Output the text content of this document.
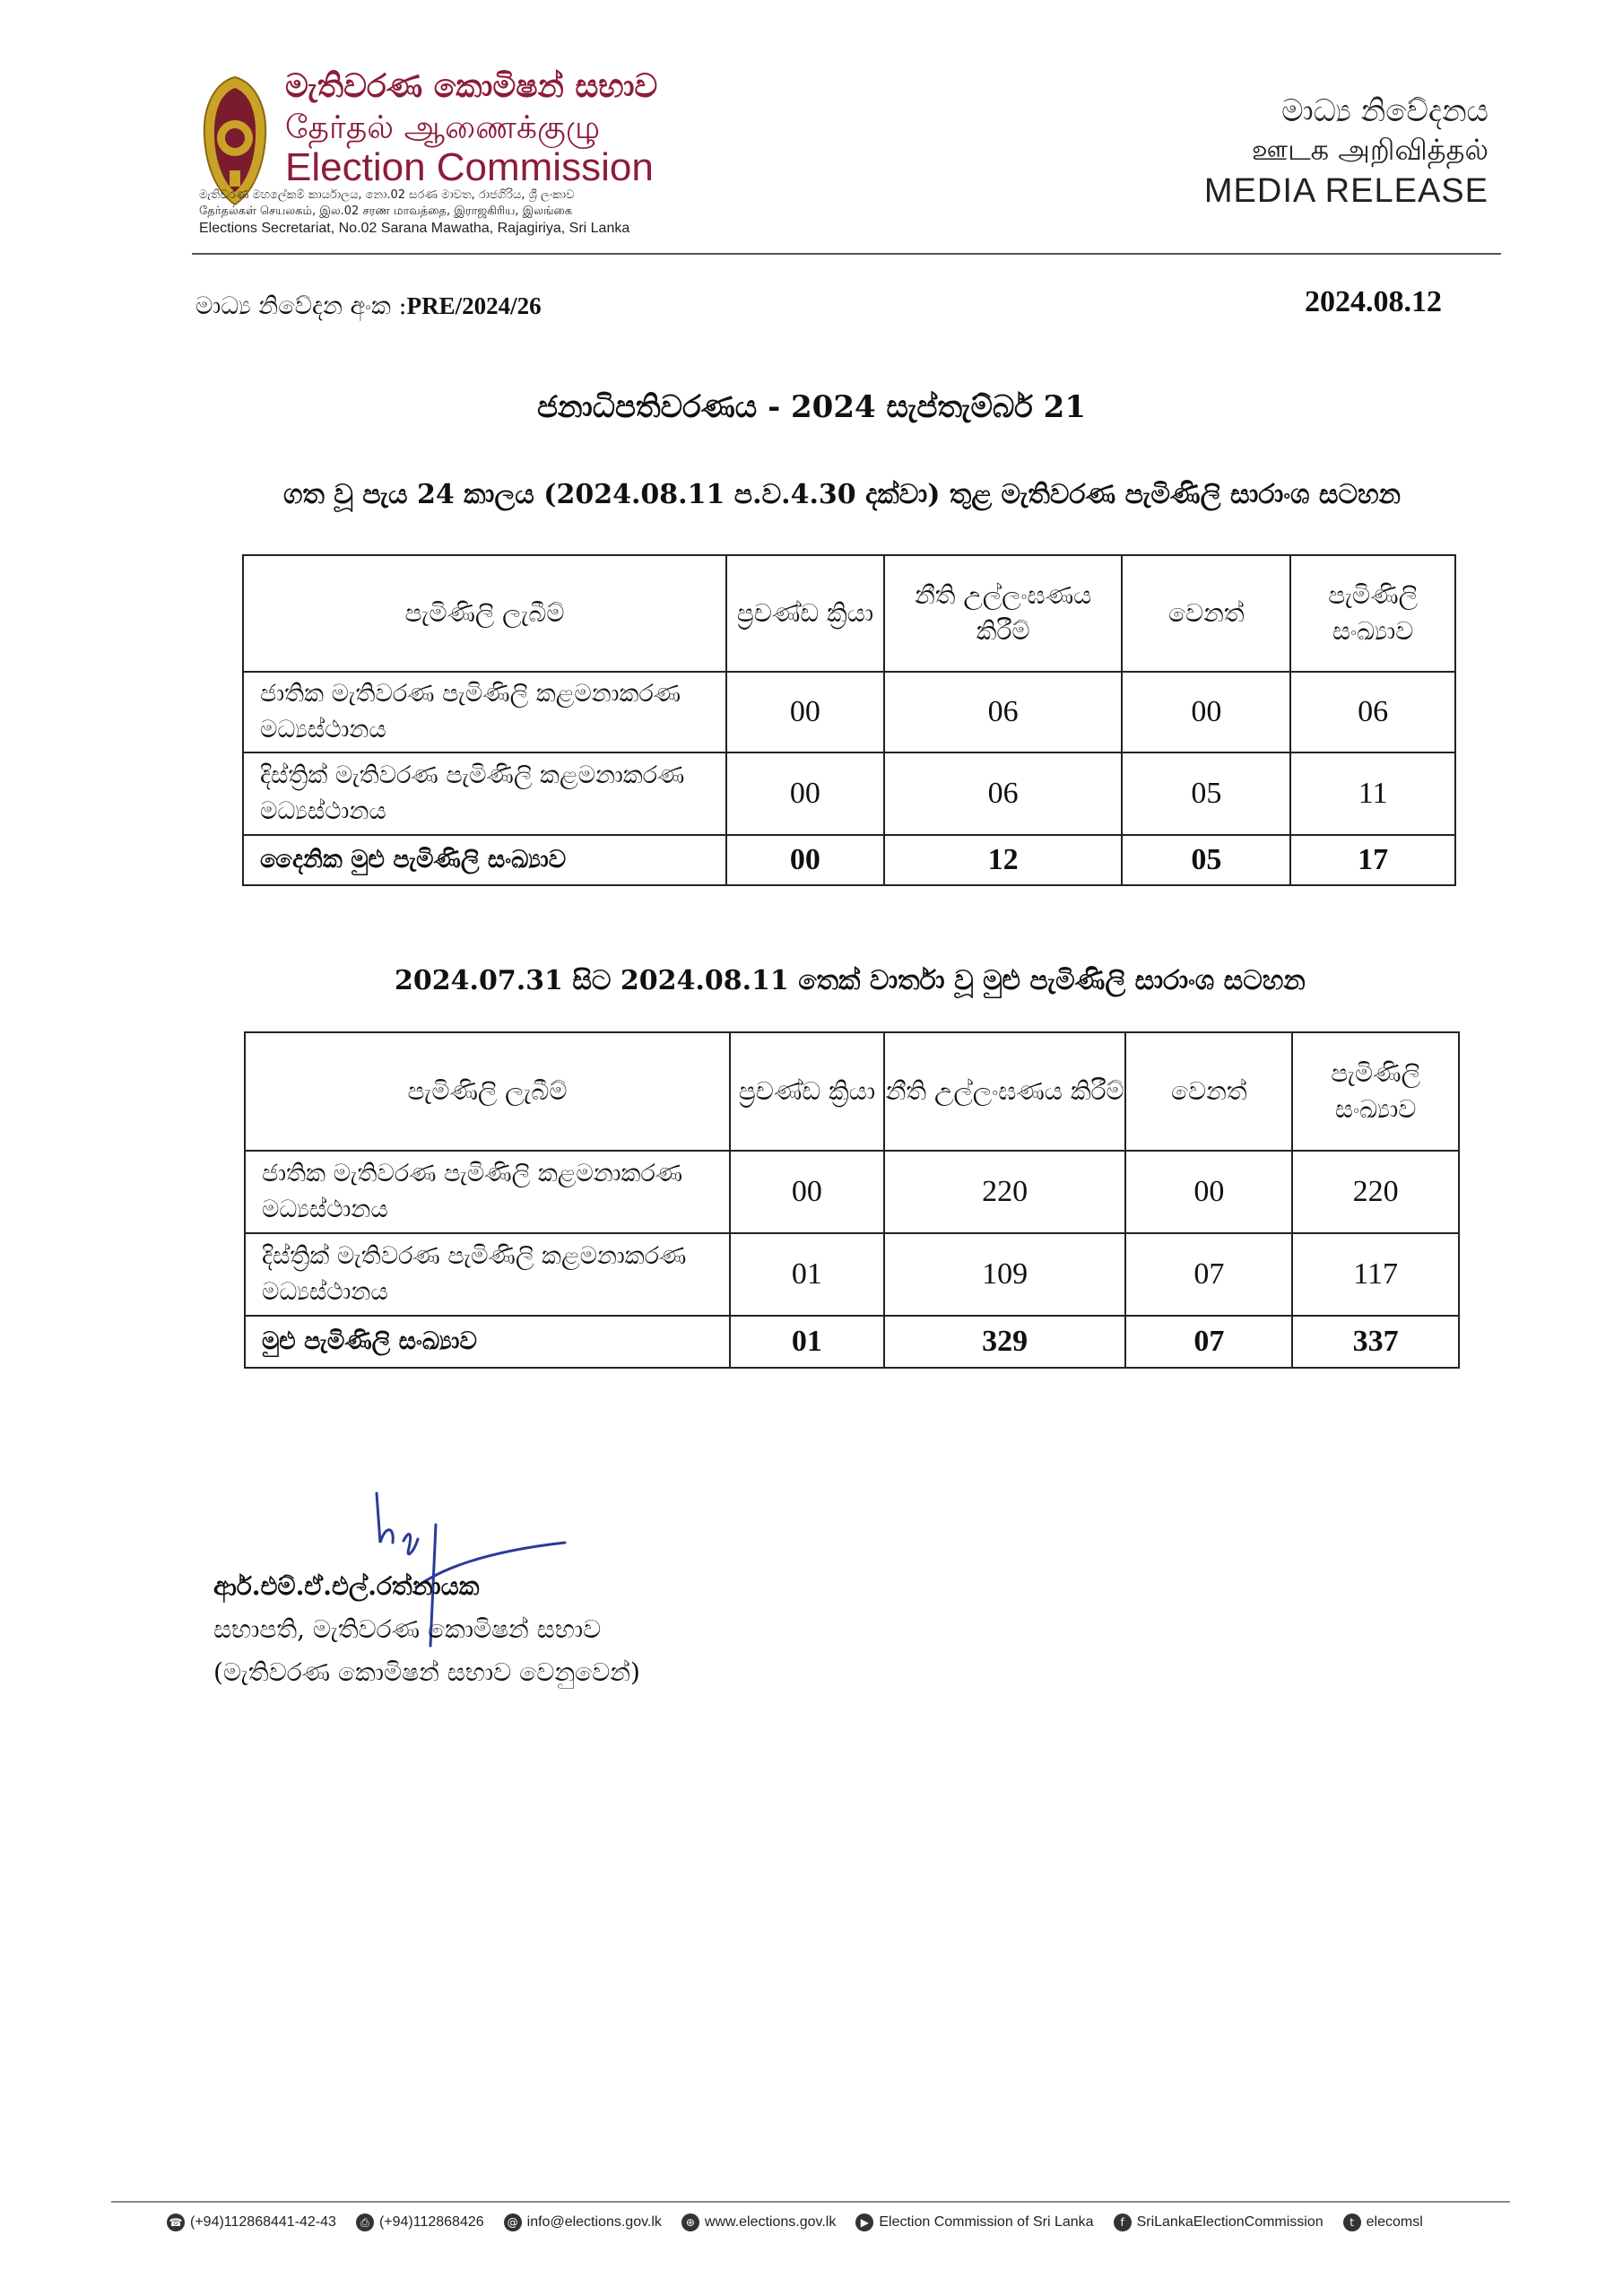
මැතිවරණ කොමිෂන් සභාව
தேர்தல் ஆணைக்குழு
Election Commission
මැතිවරණ මහලේකම් කාර්යාලය, නො.02 සරණ මාවත, රාජගිරිය, ශ්‍රී ලංකාව
தேர்தல்கள் செயலகம், இல.02 சரண மாவத்தை, இராஜகிரிய, இலங்கை
Elections Secretariat, No.02 Sarana Mawatha, Rajagiriya, Sri Lanka
මාධ්‍ය නිවේදනය
ஊடக அறிவித்தல்
MEDIA RELEASE
මාධ්‍ය නිවේදන අංක :PRE/2024/26	2024.08.12
ජනාධිපතිවරණය - 2024 සැප්තැම්බර් 21
ගත වූ පැය 24 කාලය (2024.08.11 ප.ව.4.30 දක්වා) තුළ මැතිවරණ පැමිණිලි සාරාංශ සටහන
පැමිණිලි ලැබීම්	ප්‍රචණ්ඩ ක්‍රියා	නීති උල්ලංඝණය කිරීම්	වෙනත්	පැමිණිලි සංඛ්‍යාව
ජාතික මැතිවරණ පැමිණිලි කළමනාකරණ මධ්‍යස්ථානය	00	06	00	06
දිස්ත්‍රික් මැතිවරණ පැමිණිලි කළමනාකරණ මධ්‍යස්ථානය	00	06	05	11
දෛනික මුළු පැමිණිලි සංඛ්‍යාව	00	12	05	17
2024.07.31 සිට 2024.08.11 තෙක් වාර්තා වූ මුළු පැමිණිලි සාරාංශ සටහන
පැමිණිලි ලැබීම්	ප්‍රචණ්ඩ ක්‍රියා	නීති උල්ලංඝණය කිරීම්	වෙනත්	පැමිණිලි සංඛ්‍යාව
ජාතික මැතිවරණ පැමිණිලි කළමනාකරණ මධ්‍යස්ථානය	00	220	00	220
දිස්ත්‍රික් මැතිවරණ පැමිණිලි කළමනාකරණ මධ්‍යස්ථානය	01	109	07	117
මුළු පැමිණිලි සංඛ්‍යාව	01	329	07	337
ආර්.එම්.ඒ.එල්.රත්නායක
සභාපති, මැතිවරණ කොමිෂන් සභාව
(මැතිවරණ කොමිෂන් සභාව වෙනුවෙන්)
☎ (+94)112868441-42-43	⎙ (+94)112868426	@ info@elections.gov.lk	⊕ www.elections.gov.lk	▶ Election Commission of Sri Lanka	f SriLankaElectionCommission	t elecomsl
